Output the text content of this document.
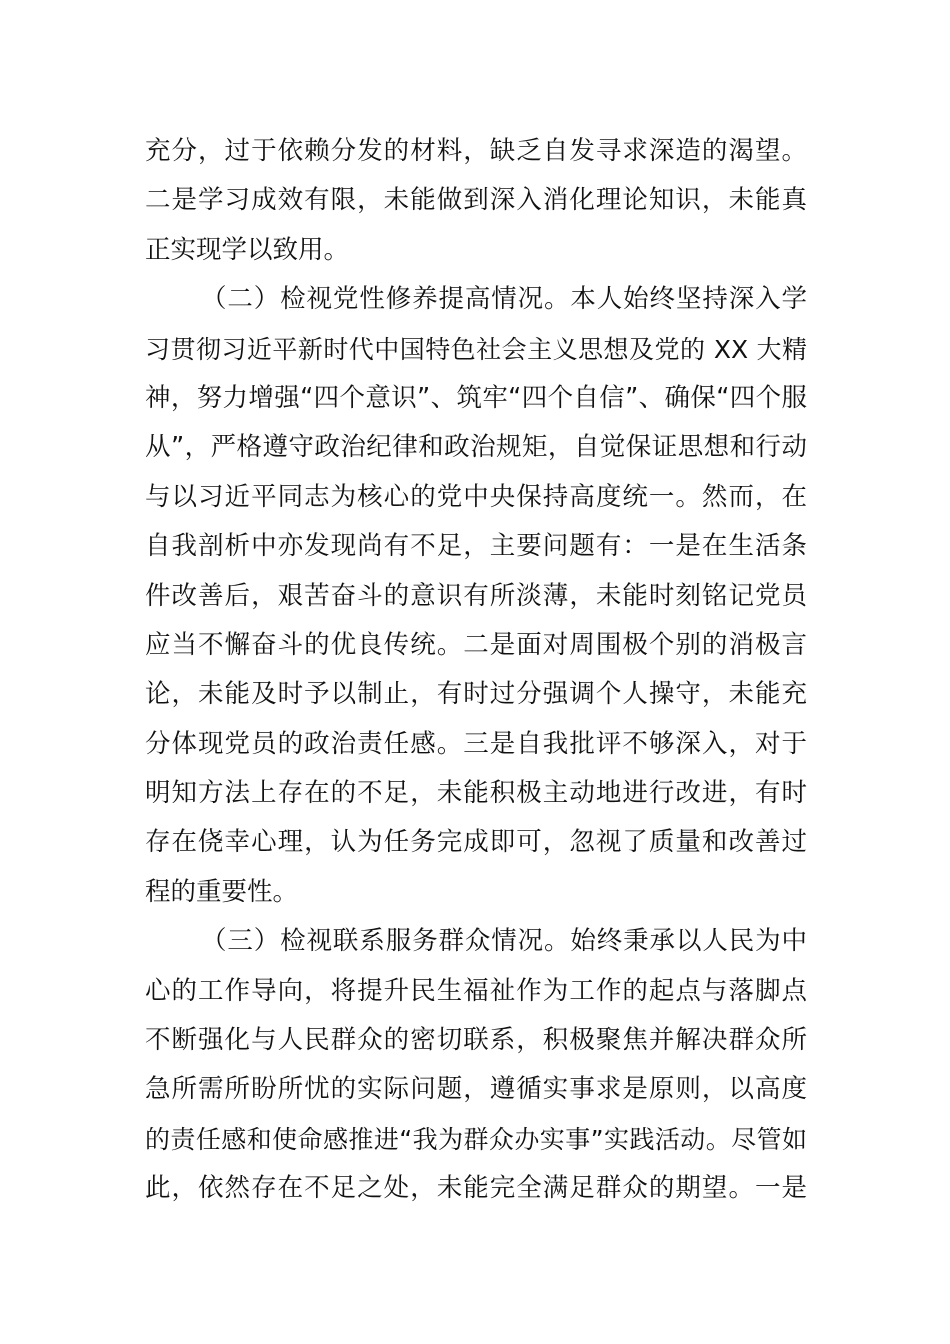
充分，过于依赖分发的材料，缺乏自发寻求深造的渴望。
二是学习成效有限，未能做到深入消化理论知识，未能真
正实现学以致用。
（二）检视党性修养提高情况。本人始终坚持深入学
习贯彻习近平新时代中国特色社会主义思想及党的 XX 大精
神，努力增强“四个意识”、筑牢“四个自信”、确保“四个服
从”，严格遵守政治纪律和政治规矩，自觉保证思想和行动
与以习近平同志为核心的党中央保持高度统一。然而，在
自我剖析中亦发现尚有不足，主要问题有：一是在生活条
件改善后，艰苦奋斗的意识有所淡薄，未能时刻铭记党员
应当不懈奋斗的优良传统。二是面对周围极个别的消极言
论，未能及时予以制止，有时过分强调个人操守，未能充
分体现党员的政治责任感。三是自我批评不够深入，对于
明知方法上存在的不足，未能积极主动地进行改进，有时
存在侥幸心理，认为任务完成即可，忽视了质量和改善过
程的重要性。
（三）检视联系服务群众情况。始终秉承以人民为中
心的工作导向，将提升民生福祉作为工作的起点与落脚点
不断强化与人民群众的密切联系，积极聚焦并解决群众所
急所需所盼所忧的实际问题，遵循实事求是原则，以高度
的责任感和使命感推进“我为群众办实事”实践活动。尽管如
此，依然存在不足之处，未能完全满足群众的期望。一是
